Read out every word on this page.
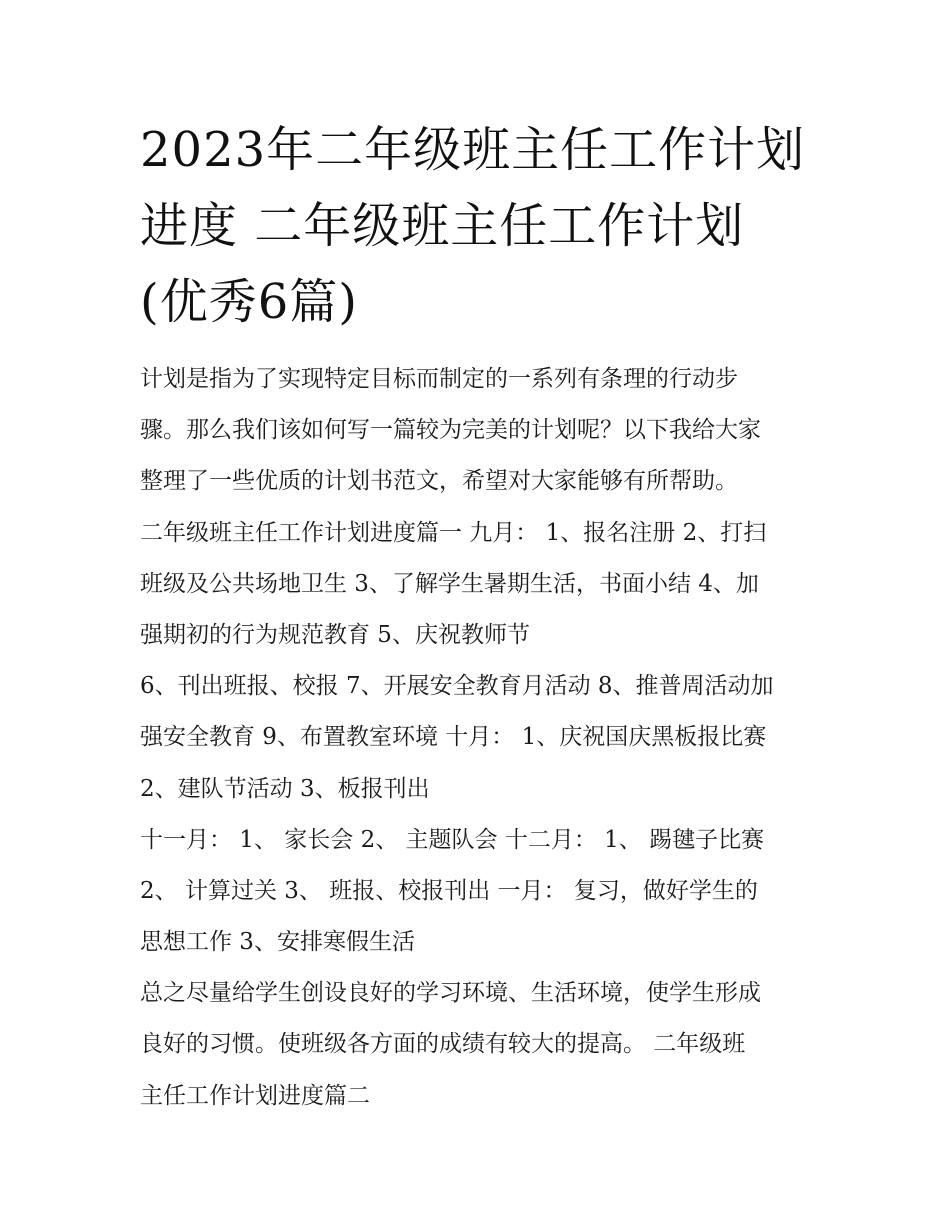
2023年二年级班主任工作计划
进度 二年级班主任工作计划
(优秀6篇)
计划是指为了实现特定目标而制定的一系列有条理的行动步
骤。那么我们该如何写一篇较为完美的计划呢？以下我给大家
整理了一些优质的计划书范文，希望对大家能够有所帮助。
二年级班主任工作计划进度篇一 九月： 1、报名注册 2、打扫
班级及公共场地卫生 3、了解学生暑期生活，书面小结 4、加
强期初的行为规范教育 5、庆祝教师节
6、刊出班报、校报 7、开展安全教育月活动 8、推普周活动加
强安全教育 9、布置教室环境 十月： 1、庆祝国庆黑板报比赛
2、建队节活动 3、板报刊出
十一月： 1、 家长会 2、 主题队会 十二月： 1、 踢毽子比赛
2、 计算过关 3、 班报、校报刊出 一月： 复习，做好学生的
思想工作 3、安排寒假生活
总之尽量给学生创设良好的学习环境、生活环境，使学生形成
良好的习惯。使班级各方面的成绩有较大的提高。 二年级班
主任工作计划进度篇二
